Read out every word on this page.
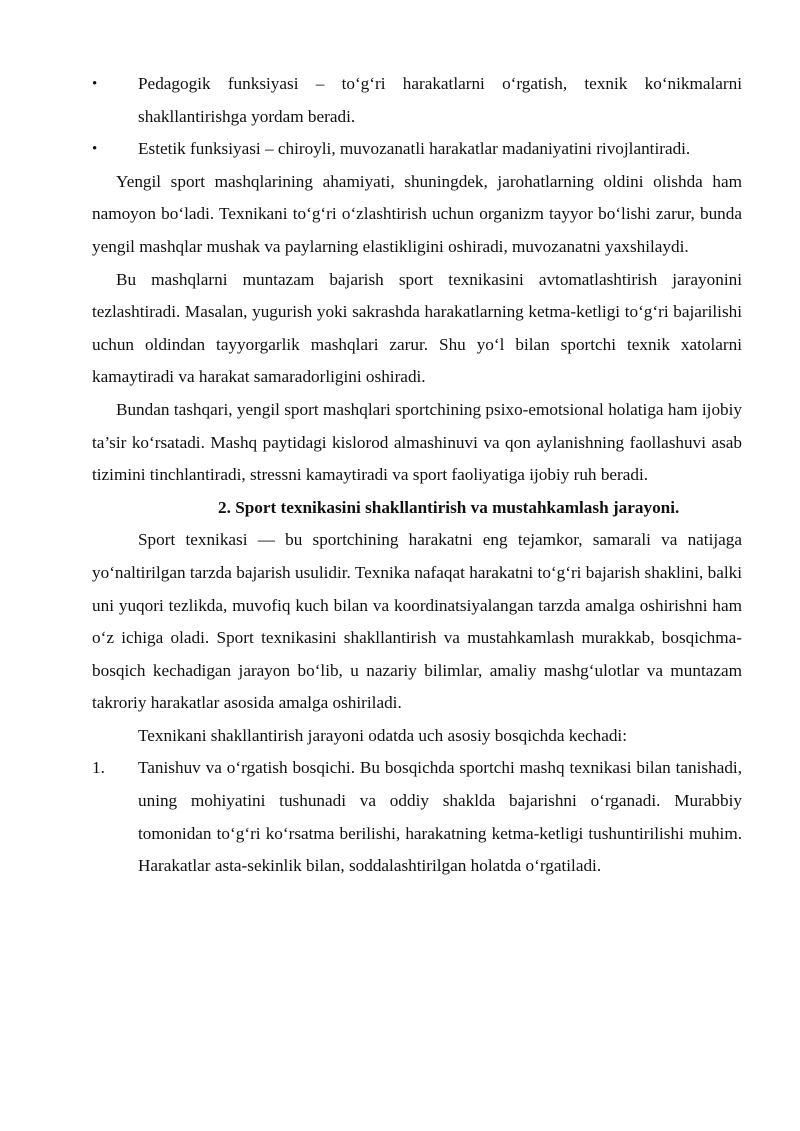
• Pedagogik funksiyasi – to‘g‘ri harakatlarni o‘rgatish, texnik ko‘nikmalarni shakllantirishga yordam beradi.

• Estetik funksiyasi – chiroyli, muvozanatli harakatlar madaniyatini rivojlantiradi.

Yengil sport mashqlarining ahamiyati, shuningdek, jarohatlarning oldini olishda ham namoyon bo‘ladi. Texnikani to‘g‘ri o‘zlashtirish uchun organizm tayyor bo‘lishi zarur, bunda yengil mashqlar mushak va paylarning elastikligini oshiradi, muvozanatni yaxshilaydi.

Bu mashqlarni muntazam bajarish sport texnikasini avtomatlashtirish jarayonini tezlashtiradi. Masalan, yugurish yoki sakrashda harakatlarning ketma-ketligi to‘g‘ri bajarilishi uchun oldindan tayyorgarlik mashqlari zarur. Shu yo‘l bilan sportchi texnik xatolarni kamaytiradi va harakat samaradorligini oshiradi.

Bundan tashqari, yengil sport mashqlari sportchining psixo-emotsional holatiga ham ijobiy ta’sir ko‘rsatadi. Mashq paytidagi kislorod almashinuvi va qon aylanishning faollashuvi asab tizimini tinchlantiradi, stressni kamaytiradi va sport faoliyatiga ijobiy ruh beradi.

2. Sport texnikasini shakllantirish va mustahkamlash jarayoni.

Sport texnikasi — bu sportchining harakatni eng tejamkor, samarali va natijaga yo‘naltirilgan tarzda bajarish usulidir. Texnika nafaqat harakatni to‘g‘ri bajarish shaklini, balki uni yuqori tezlikda, muvofiq kuch bilan va koordinatsiyalangan tarzda amalga oshirishni ham o‘z ichiga oladi. Sport texnikasini shakllantirish va mustahkamlash murakkab, bosqichma-bosqich kechadigan jarayon bo‘lib, u nazariy bilimlar, amaliy mashg‘ulotlar va muntazam takroriy harakatlar asosida amalga oshiriladi.

Texnikani shakllantirish jarayoni odatda uch asosiy bosqichda kechadi:

1. Tanishuv va o‘rgatish bosqichi. Bu bosqichda sportchi mashq texnikasi bilan tanishadi, uning mohiyatini tushunadi va oddiy shaklda bajarishni o‘rganadi. Murabbiy tomonidan to‘g‘ri ko‘rsatma berilishi, harakatning ketma-ketligi tushuntirilishi muhim. Harakatlar asta-sekinlik bilan, soddalashtirilgan holatda o‘rgatiladi.
